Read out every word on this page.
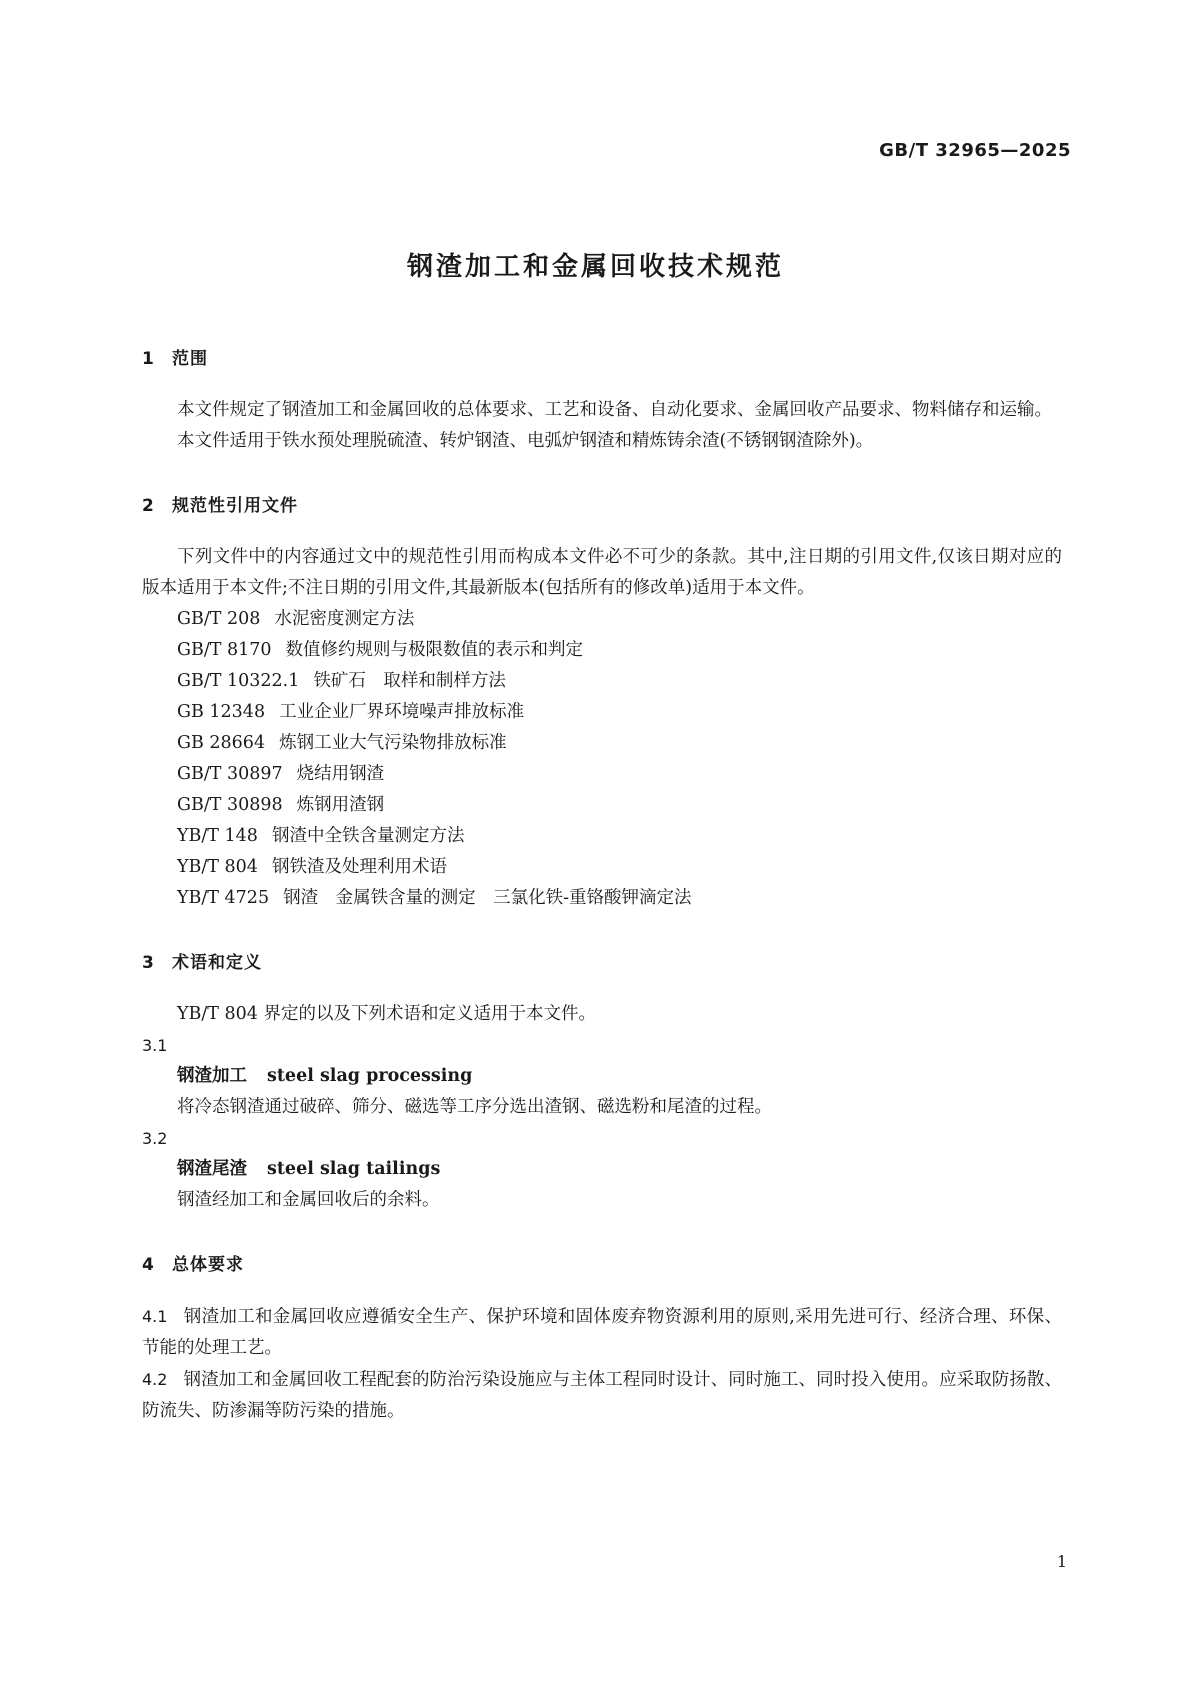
GB/T 32965—2025
钢渣加工和金属回收技术规范
1 范围

本文件规定了钢渣加工和金属回收的总体要求、工艺和设备、自动化要求、金属回收产品要求、物料储存和运输。

本文件适用于铁水预处理脱硫渣、转炉钢渣、电弧炉钢渣和精炼铸余渣(不锈钢钢渣除外)。

2 规范性引用文件

下列文件中的内容通过文中的规范性引用而构成本文件必不可少的条款。其中,注日期的引用文件,仅该日期对应的版本适用于本文件;不注日期的引用文件,其最新版本(包括所有的修改单)适用于本文件。

GB/T 208 水泥密度测定方法

GB/T 8170 数值修约规则与极限数值的表示和判定

GB/T 10322.1 铁矿石　取样和制样方法

GB 12348 工业企业厂界环境噪声排放标准

GB 28664 炼钢工业大气污染物排放标准

GB/T 30897 烧结用钢渣

GB/T 30898 炼钢用渣钢

YB/T 148 钢渣中全铁含量测定方法

YB/T 804 钢铁渣及处理利用术语

YB/T 4725 钢渣　金属铁含量的测定　三氯化铁-重铬酸钾滴定法

3 术语和定义

YB/T 804 界定的以及下列术语和定义适用于本文件。

3.1

钢渣加工 steel slag processing

将冷态钢渣通过破碎、筛分、磁选等工序分选出渣钢、磁选粉和尾渣的过程。

3.2

钢渣尾渣 steel slag tailings

钢渣经加工和金属回收后的余料。

4 总体要求

4.1 钢渣加工和金属回收应遵循安全生产、保护环境和固体废弃物资源利用的原则,采用先进可行、经济合理、环保、节能的处理工艺。

4.2 钢渣加工和金属回收工程配套的防治污染设施应与主体工程同时设计、同时施工、同时投入使用。应采取防扬散、防流失、防渗漏等防污染的措施。

1
